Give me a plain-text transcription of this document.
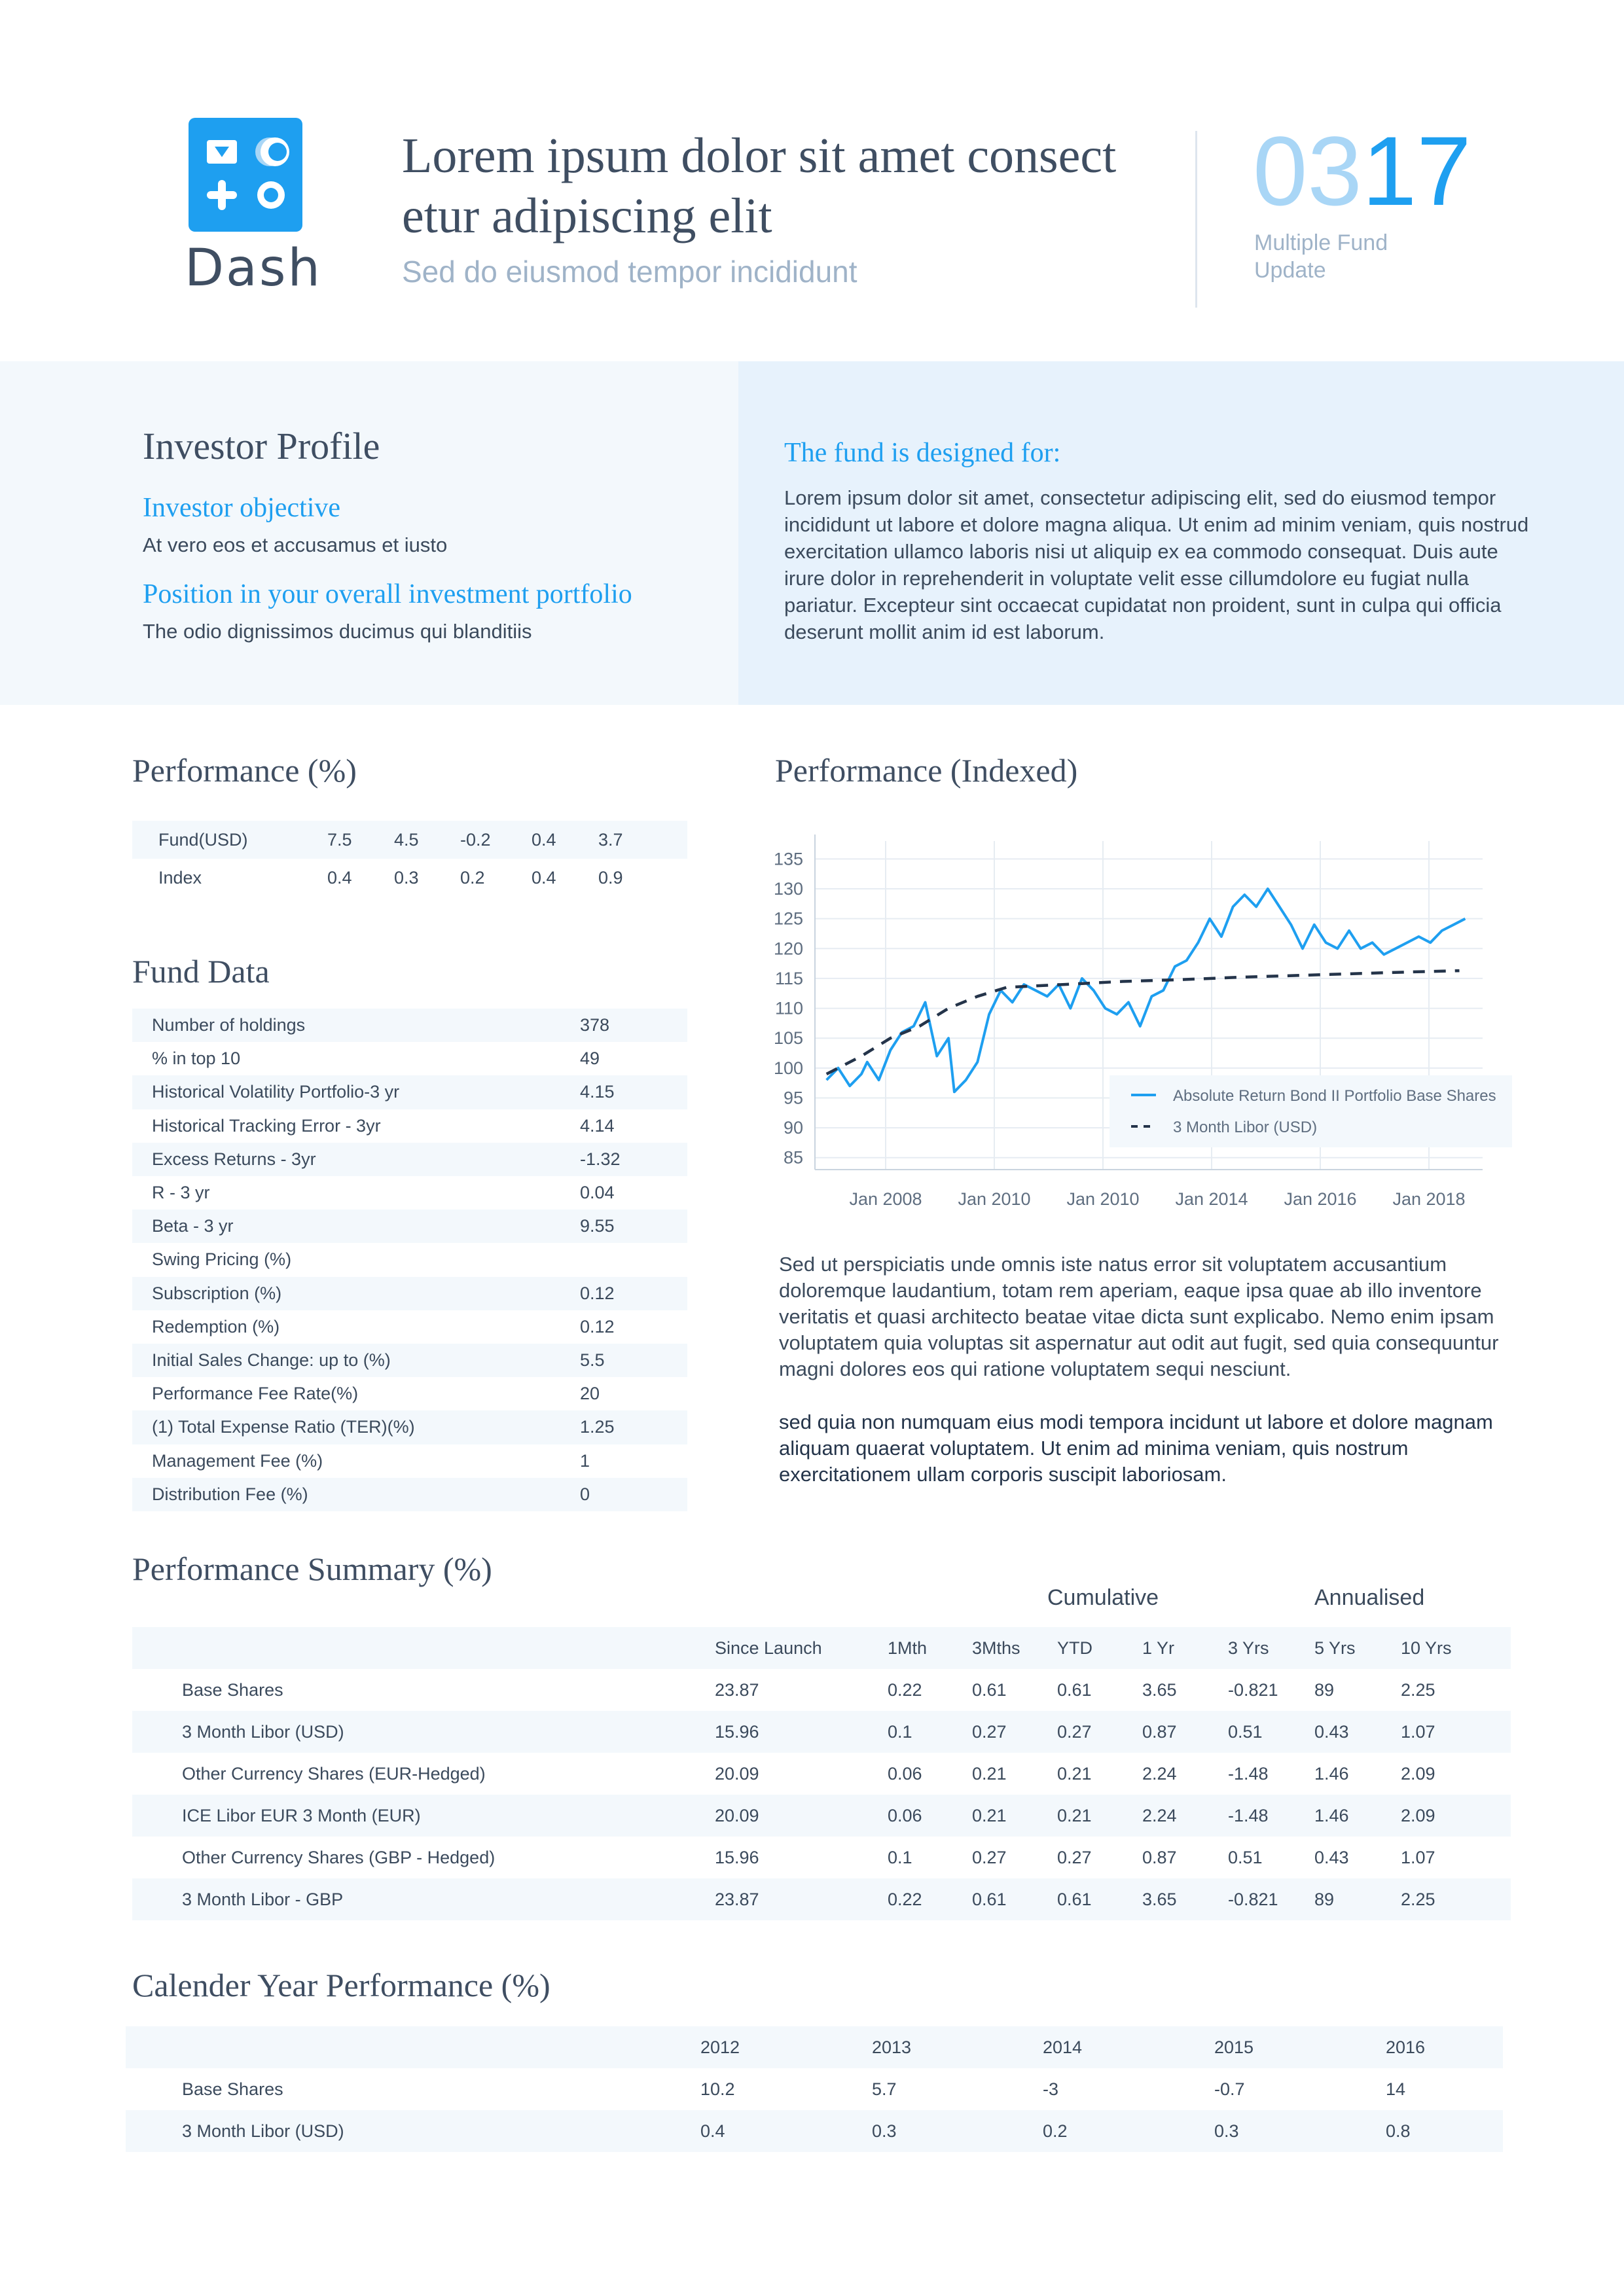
Dash
Lorem ipsum dolor sit amet consect etur adipiscing elit
Sed do eiusmod tempor incididunt
0317
Multiple Fund Update
Investor Profile
Investor objective
At vero eos et accusamus et iusto
Position in your overall investment portfolio
The odio dignissimos ducimus qui blanditiis
The fund is designed for:
Lorem ipsum dolor sit amet, consectetur adipiscing elit, sed do eiusmod tempor incididunt ut labore et dolore magna aliqua. Ut enim ad minim veniam, quis nostrud exercitation ullamco laboris nisi ut aliquip ex ea commodo consequat. Duis aute irure dolor in reprehenderit in voluptate velit esse cillumdolore eu fugiat nulla pariatur. Excepteur sint occaecat cupidatat non proident, sunt in culpa qui officia deserunt mollit anim id est laborum.
Performance (%)
Fund Data
Performance (Indexed)
85
90
95
100
105
110
115
120
125
130
135
Jan 2008 Jan 2010 Jan 2010 Jan 2014 Jan 2016 Jan 2018
Absolute Return Bond II Portfolio Base Shares
3 Month Libor (USD)
Sed ut perspiciatis unde omnis iste natus error sit voluptatem accusantium doloremque laudantium, totam rem aperiam, eaque ipsa quae ab illo inventore veritatis et quasi architecto beatae vitae dicta sunt explicabo. Nemo enim ipsam voluptatem quia voluptas sit aspernatur aut odit aut fugit, sed quia consequuntur magni dolores eos qui ratione voluptatem sequi nesciunt.
sed quia non numquam eius modi tempora incidunt ut labore et dolore magnam aliquam quaerat voluptatem. Ut enim ad minima veniam, quis nostrum exercitationem ullam corporis suscipit laboriosam.
Performance Summary (%)
Cumulative	Annualised
Calender Year Performance (%)
Fund(USD)	7.5 4.5 -0.2 0.4 3.7
Index	0.4 0.3 0.2	0.4 0.9
Number of holdings	378
% in top 10	49
Historical Volatility Portfolio-3 yr	4.15
Historical Tracking Error - 3yr	4.14
Excess Returns - 3yr	-1.32
R - 3 yr	0.04
Beta - 3 yr	9.55
Swing Pricing (%)
Subscription (%)	0.12
Redemption (%)	0.12
Initial Sales Change: up to (%)	5.5
Performance Fee Rate(%)	20
(1) Total Expense Ratio (TER)(%)	1.25
Management Fee (%)	1
Distribution Fee (%)	0
Since Launch	1Mth	3Mths YTD	1 Yr	3 Yrs	5 Yrs	10 Yrs
Base Shares	23.87	0.22	0.61	0.61	3.65	-0.821 89	2.25
3 Month Libor (USD)	15.96	0.1	0.27	0.27	0.87	0.51	0.43	1.07
Other Currency Shares (EUR-Hedged)	20.09	0.06	0.21	0.21	2.24	-1.48	1.46	2.09
ICE Libor EUR 3 Month (EUR)	20.09	0.06	0.21	0.21	2.24	-1.48	1.46	2.09
Other Currency Shares (GBP - Hedged)	15.96	0.1	0.27	0.27	0.87	0.51	0.43	1.07
3 Month Libor - GBP	23.87	0.22	0.61	0.61	3.65	-0.821 89	2.25
2012	2013	2014	2015	2016
Base Shares	10.2	5.7	-3	-0.7	14
3 Month Libor (USD)	0.4	0.3	0.2	0.3	0.8
